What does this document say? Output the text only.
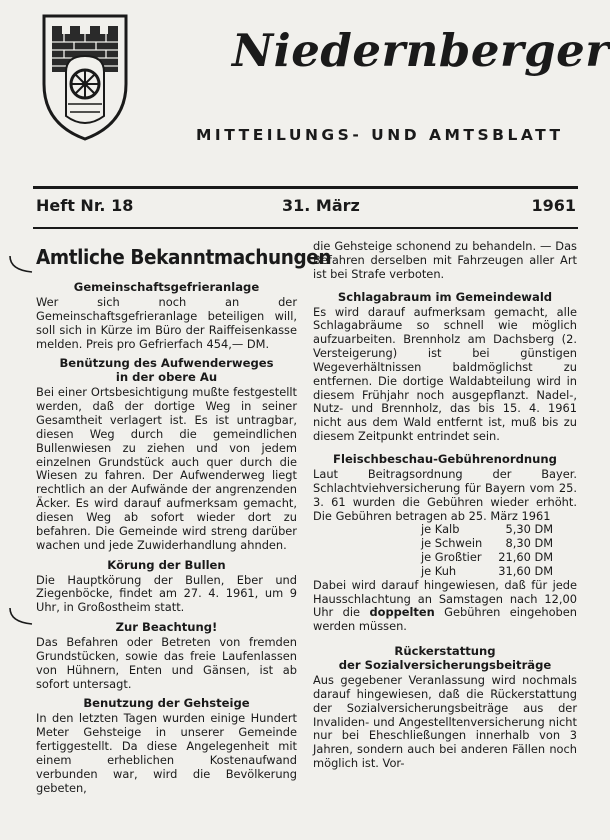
Niedernberger
MITTEILUNGS- UND AMTSBLATT
Heft Nr. 18	31. März	1961
Amtliche Bekanntmachungen
Gemeinschaftsgefrieranlage

Wer sich noch an der Gemeinschaftsgefrieranlage beteiligen will, soll sich in Kürze im Büro der Raiffeisenkasse melden. Preis pro Gefrierfach 454,— DM.

Benützung des Aufwenderweges in der obere Au

Bei einer Ortsbesichtigung mußte festgestellt werden, daß der dortige Weg in seiner Gesamtheit verlagert ist. Es ist untragbar, diesen Weg durch die gemeindlichen Bullenwiesen zu ziehen und von jedem einzelnen Grundstück auch quer durch die Wiesen zu fahren. Der Aufwenderweg liegt rechtlich an der Aufwände der angrenzenden Äcker. Es wird darauf aufmerksam gemacht, diesen Weg ab sofort wieder dort zu befahren. Die Gemeinde wird streng darüber wachen und jede Zuwiderhandlung ahnden.

Körung der Bullen

Die Hauptkörung der Bullen, Eber und Ziegenböcke, findet am 27. 4. 1961, um 9 Uhr, in Großostheim statt.

Zur Beachtung!

Das Befahren oder Betreten von fremden Grundstücken, sowie das freie Laufenlassen von Hühnern, Enten und Gänsen, ist ab sofort untersagt.

Benutzung der Gehsteige

In den letzten Tagen wurden einige Hundert Meter Gehsteige in unserer Gemeinde fertiggestellt. Da diese Angelegenheit mit einem erheblichen Kostenaufwand verbunden war, wird die Bevölkerung gebeten,

die Gehsteige schonend zu behandeln. — Das Befahren derselben mit Fahrzeugen aller Art ist bei Strafe verboten.

Schlagabraum im Gemeindewald

Es wird darauf aufmerksam gemacht, alle Schlagabräume so schnell wie möglich aufzuarbeiten. Brennholz am Dachsberg (2. Versteigerung) ist bei günstigen Wegeverhältnissen baldmöglichst zu entfernen. Die dortige Waldabteilung wird in diesem Frühjahr noch ausgepflanzt. Nadel-, Nutz- und Brennholz, das bis 15. 4. 1961 nicht aus dem Wald entfernt ist, muß bis zu diesem Zeitpunkt entrindet sein.

Fleischbeschau-Gebührenordnung

Laut Beitragsordnung der Bayer. Schlachtviehversicherung für Bayern vom 25. 3. 61 wurden die Gebühren wieder erhöht. Die Gebühren betragen ab 25. März 1961

je Kalb	5,30 DM
je Schwein	8,30 DM
je Großtier	21,60 DM
je Kuh	31,60 DM

Dabei wird darauf hingewiesen, daß für jede Hausschlachtung an Samstagen nach 12,00 Uhr die doppelten Gebühren eingehoben werden müssen.

Rückerstattung
der Sozialversicherungsbeiträge

Aus gegebener Veranlassung wird nochmals darauf hingewiesen, daß die Rückerstattung der Sozialversicherungsbeiträge aus der Invaliden- und Angestelltenversicherung nicht nur bei Eheschließungen innerhalb von 3 Jahren, sondern auch bei anderen Fällen noch möglich ist. Vor-
